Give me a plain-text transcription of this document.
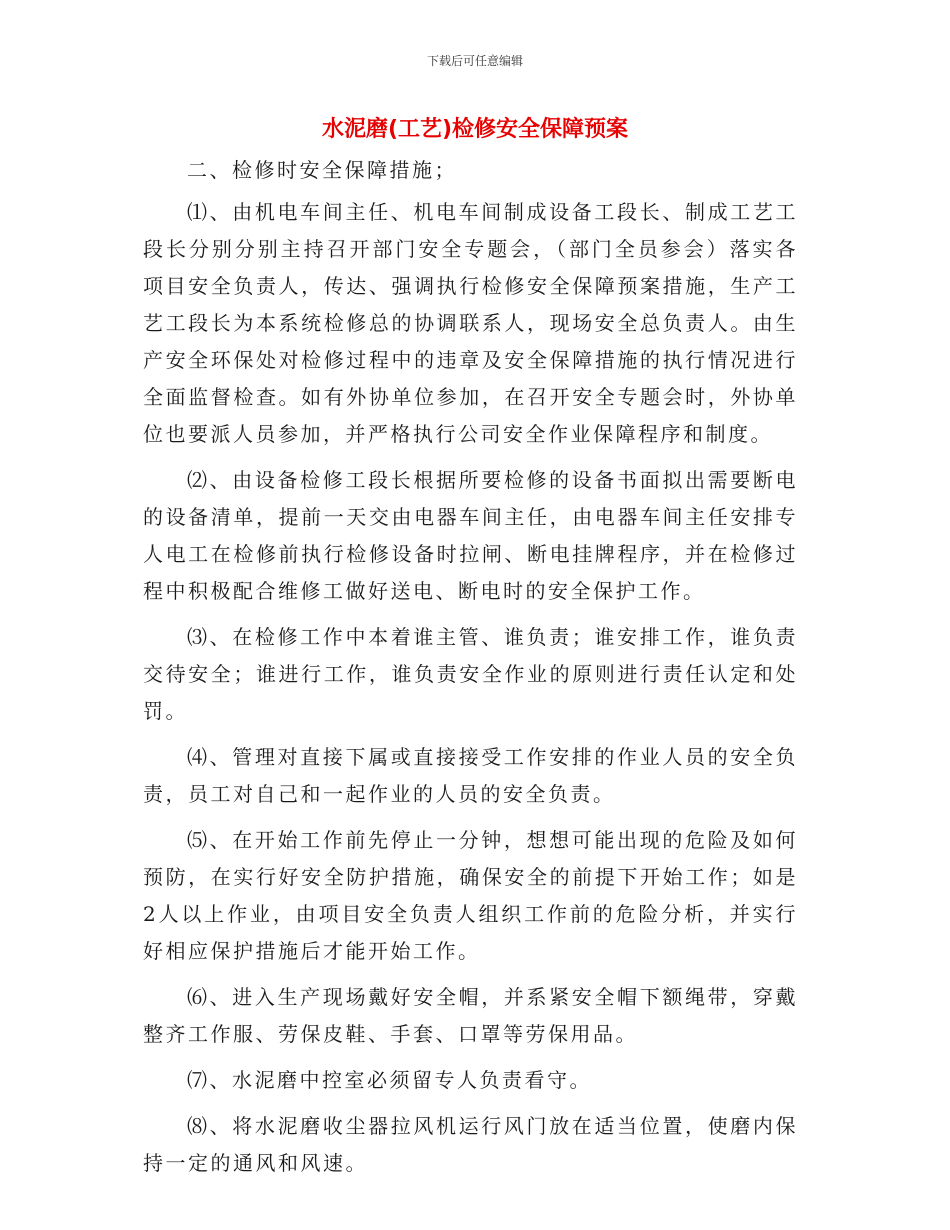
下载后可任意编辑
水泥磨(工艺)检修安全保障预案

二、检修时安全保障措施；

⑴、由机电车间主任、机电车间制成设备工段长、制成工艺工段长分别分别主持召开部门安全专题会，（部门全员参会）落实各项目安全负责人，传达、强调执行检修安全保障预案措施，生产工艺工段长为本系统检修总的协调联系人，现场安全总负责人。由生产安全环保处对检修过程中的违章及安全保障措施的执行情况进行全面监督检查。如有外协单位参加，在召开安全专题会时，外协单位也要派人员参加，并严格执行公司安全作业保障程序和制度。

⑵、由设备检修工段长根据所要检修的设备书面拟出需要断电的设备清单，提前一天交由电器车间主任，由电器车间主任安排专人电工在检修前执行检修设备时拉闸、断电挂牌程序，并在检修过程中积极配合维修工做好送电、断电时的安全保护工作。

⑶、在检修工作中本着谁主管、谁负责；谁安排工作，谁负责交待安全；谁进行工作，谁负责安全作业的原则进行责任认定和处罚。

⑷、管理对直接下属或直接接受工作安排的作业人员的安全负责，员工对自己和一起作业的人员的安全负责。

⑸、在开始工作前先停止一分钟，想想可能出现的危险及如何预防，在实行好安全防护措施，确保安全的前提下开始工作；如是2人以上作业，由项目安全负责人组织工作前的危险分析，并实行好相应保护措施后才能开始工作。

⑹、进入生产现场戴好安全帽，并系紧安全帽下额绳带，穿戴整齐工作服、劳保皮鞋、手套、口罩等劳保用品。

⑺、水泥磨中控室必须留专人负责看守。

⑻、将水泥磨收尘器拉风机运行风门放在适当位置，使磨内保持一定的通风和风速。
